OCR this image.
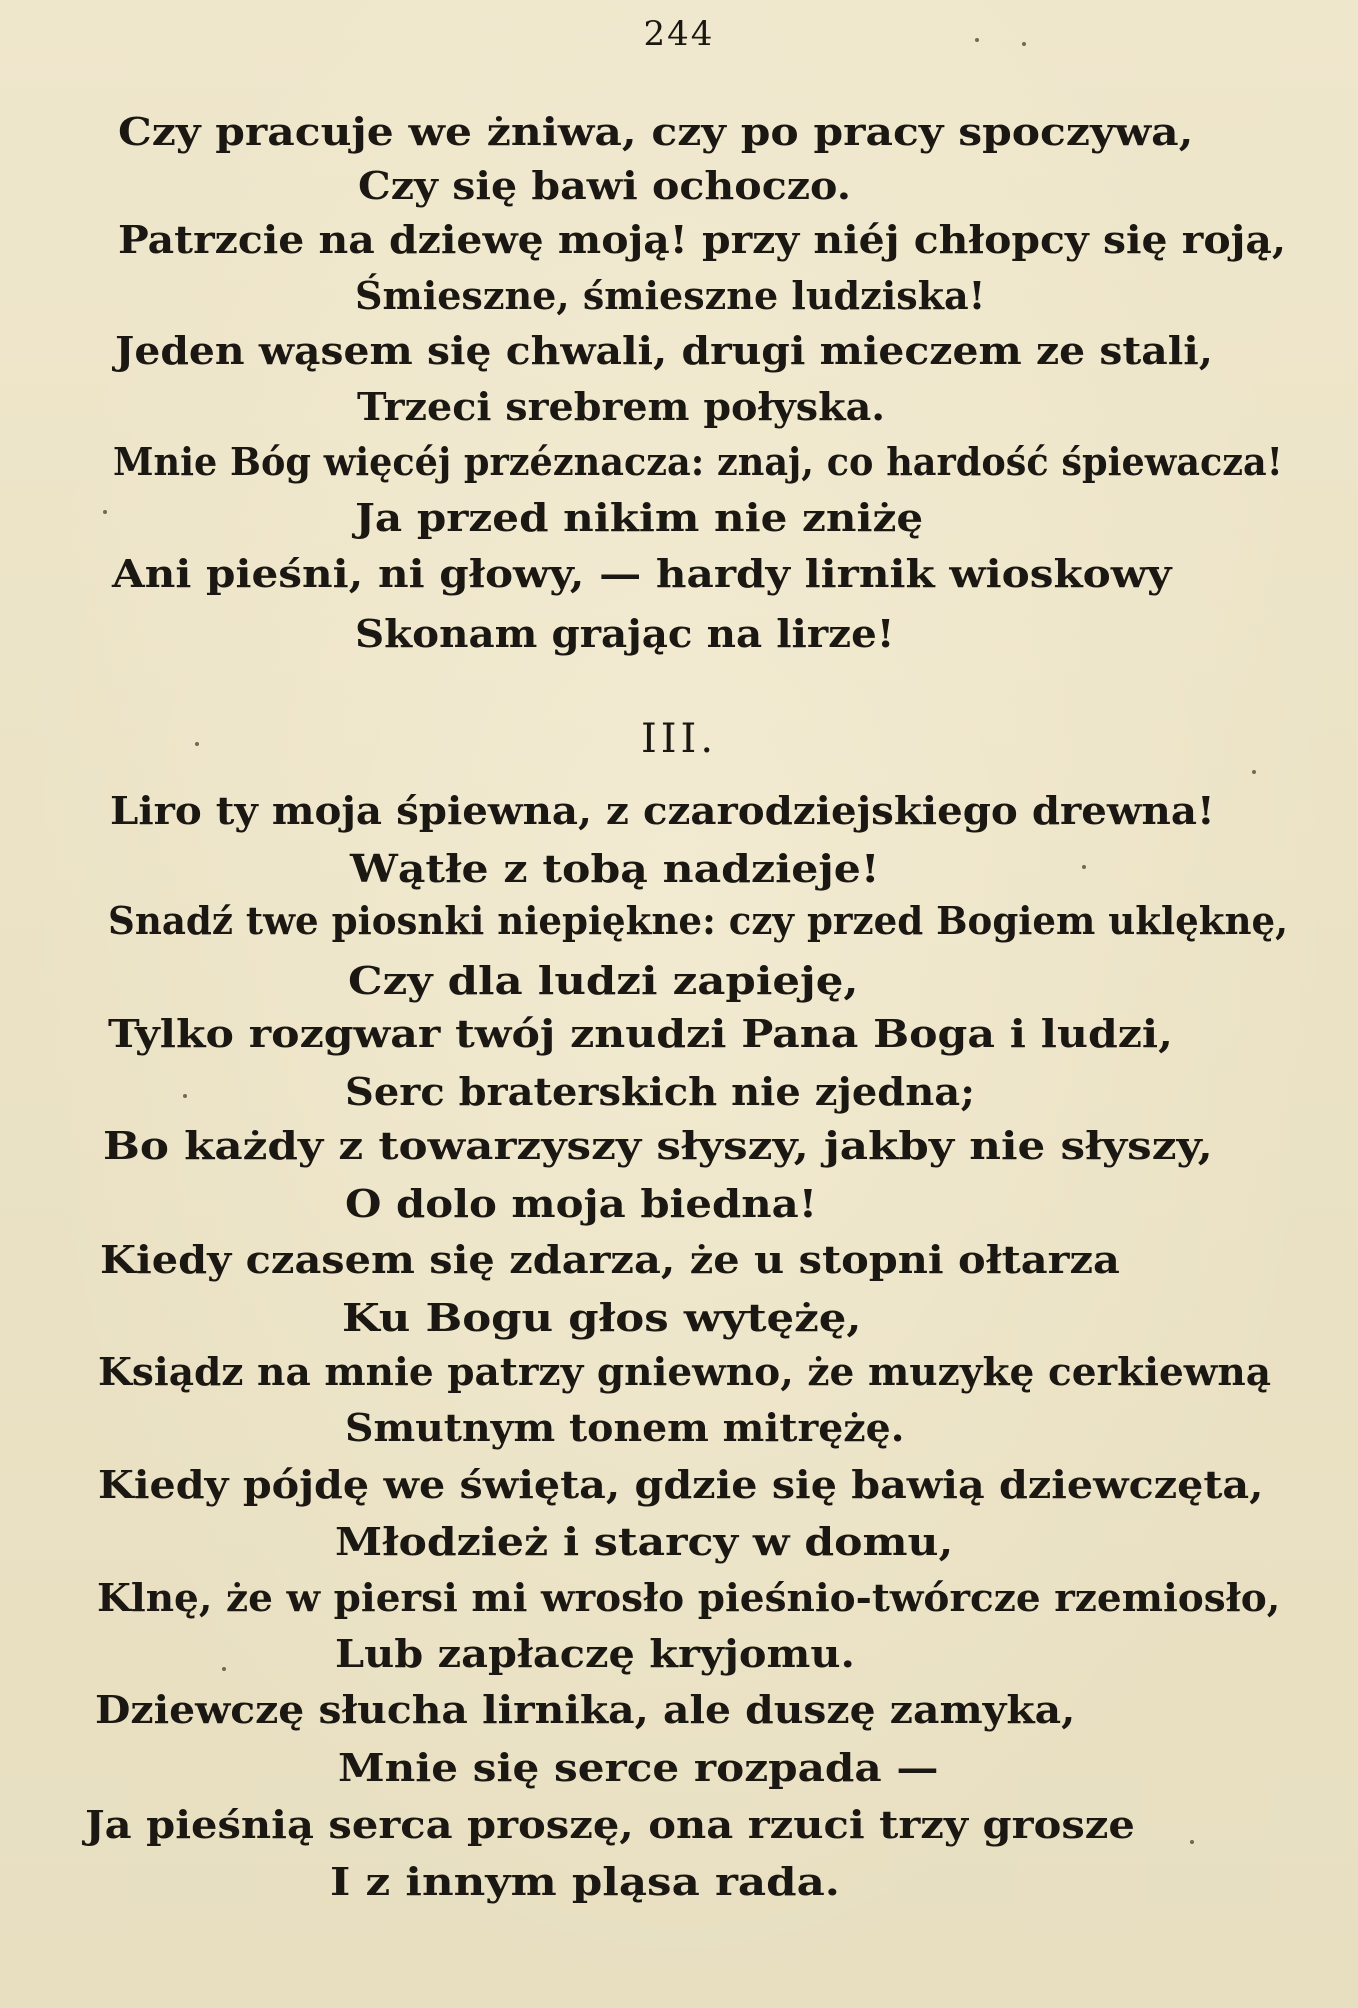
244
Czy pracuje we żniwa, czy po pracy spoczywa,
Czy się bawi ochoczo.
Patrzcie na dziewę moją! przy niéj chłopcy się roją,
Śmieszne, śmieszne ludziska!
Jeden wąsem się chwali, drugi mieczem ze stali,
Trzeci srebrem połyska.
Mnie Bóg więcéj przéznacza: znaj, co hardość śpiewacza!
Ja przed nikim nie zniżę
Ani pieśni, ni głowy, — hardy lirnik wioskowy
Skonam grając na lirze!
III.
Liro ty moja śpiewna, z czarodziejskiego drewna!
Wątłe z tobą nadzieje!
Snadź twe piosnki niepiękne: czy przed Bogiem uklęknę,
Czy dla ludzi zapieję,
Tylko rozgwar twój znudzi Pana Boga i ludzi,
Serc braterskich nie zjedna;
Bo każdy z towarzyszy słyszy, jakby nie słyszy,
O dolo moja biedna!
Kiedy czasem się zdarza, że u stopni ołtarza
Ku Bogu głos wytężę,
Ksiądz na mnie patrzy gniewno, że muzykę cerkiewną
Smutnym tonem mitrężę.
Kiedy pójdę we święta, gdzie się bawią dziewczęta,
Młodzież i starcy w domu,
Klnę, że w piersi mi wrosło pieśnio-twórcze rzemiosło,
Lub zapłaczę kryjomu.
Dziewczę słucha lirnika, ale duszę zamyka,
Mnie się serce rozpada —
Ja pieśnią serca proszę, ona rzuci trzy grosze
I z innym pląsa rada.
